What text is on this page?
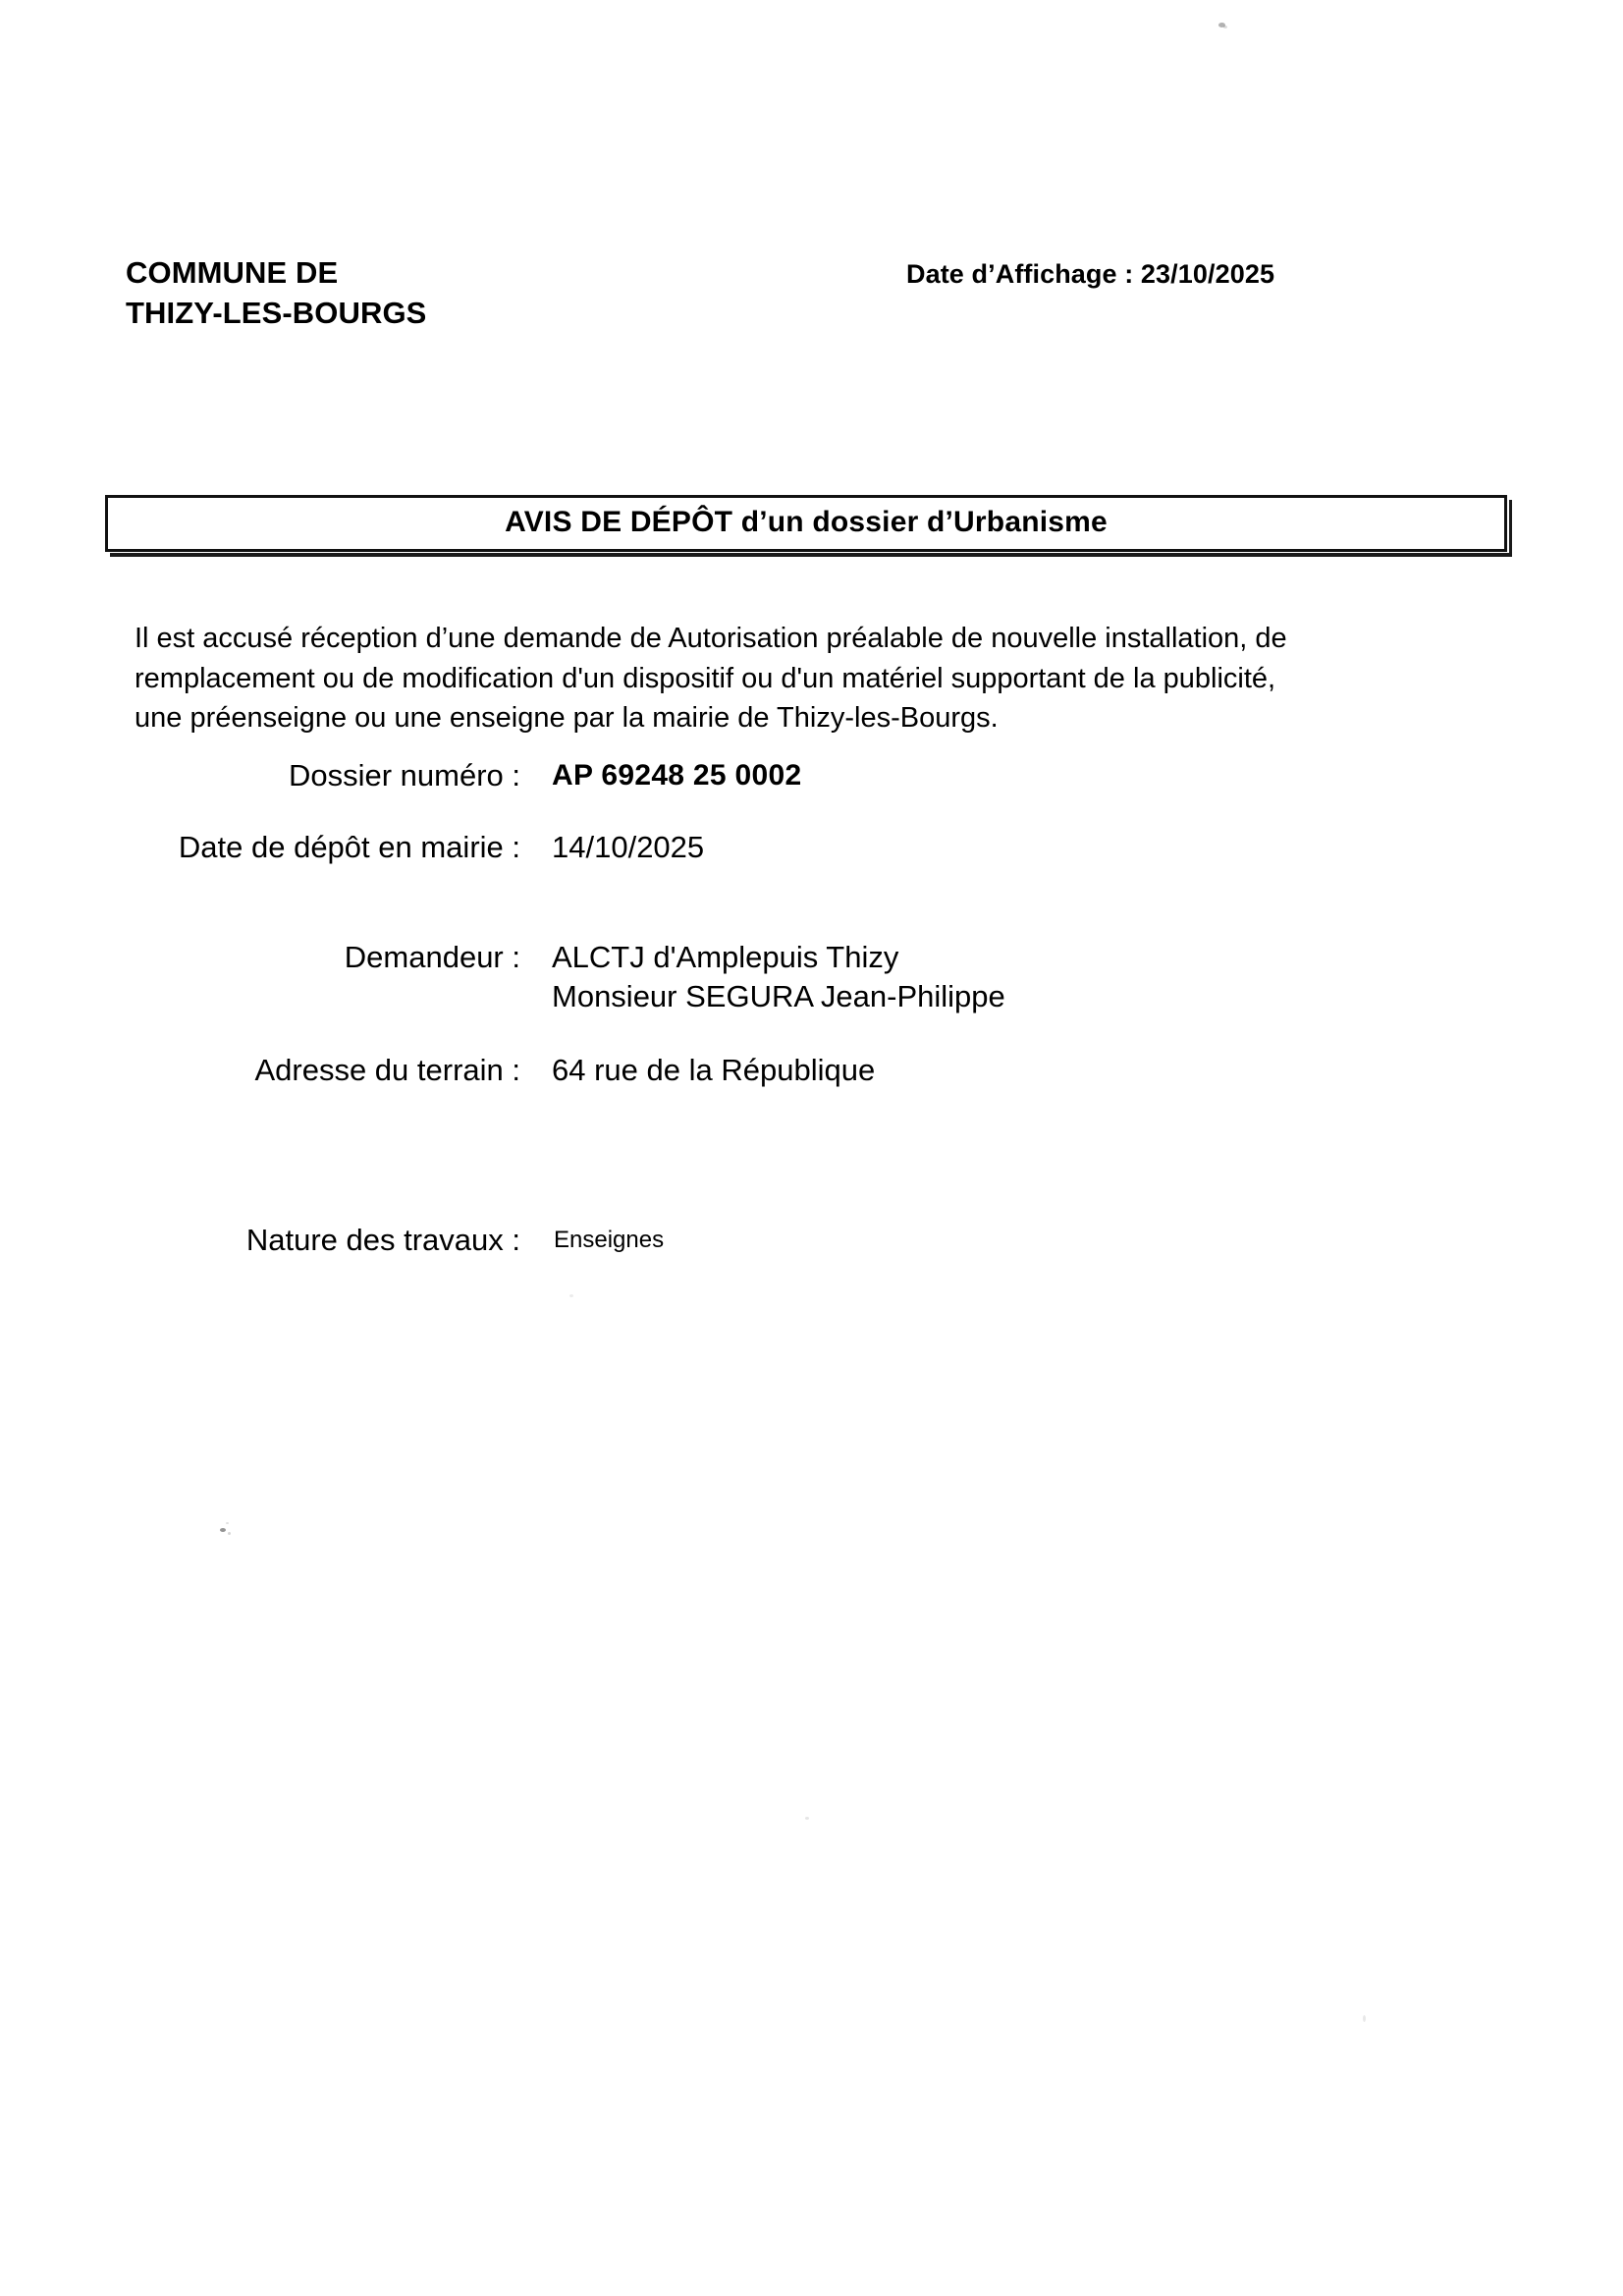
COMMUNE DE
THIZY-LES-BOURGS
Date d’Affichage : 23/10/2025
AVIS DE DÉPÔT d’un dossier d’Urbanisme
Il est accusé réception d’une demande de Autorisation préalable de nouvelle installation, de
remplacement ou de modification d'un dispositif ou d'un matériel supportant de la publicité,
une préenseigne ou une enseigne par la mairie de Thizy-les-Bourgs.
Dossier numéro : AP 69248 25 0002
Date de dépôt en mairie : 14/10/2025
Demandeur : ALCTJ d'Amplepuis Thizy
Monsieur SEGURA Jean-Philippe
Adresse du terrain : 64 rue de la République
Nature des travaux : Enseignes
